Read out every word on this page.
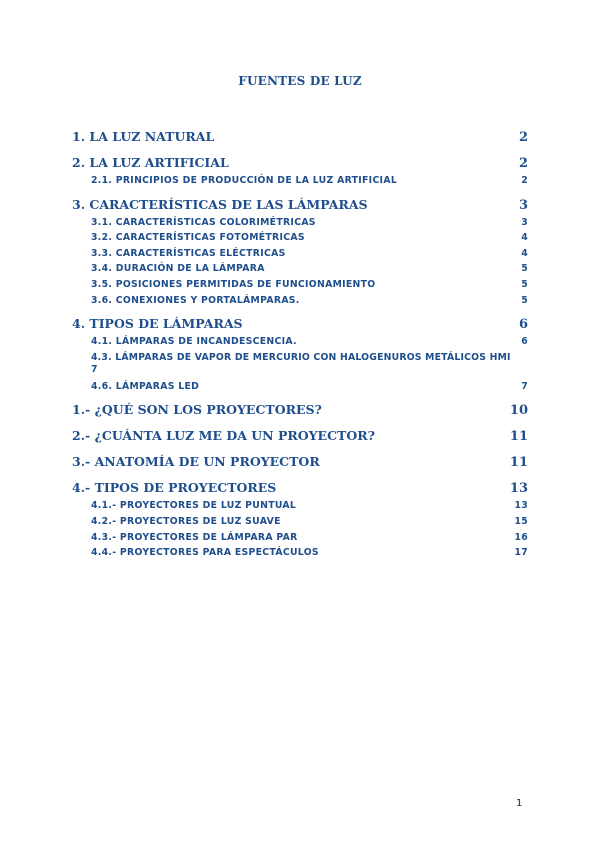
FUENTES DE LUZ
1. LA LUZ NATURAL	2
2. LA LUZ ARTIFICIAL	2
2.1. PRINCIPIOS DE PRODUCCIÓN DE LA LUZ ARTIFICIAL	2
3. CARACTERÍSTICAS DE LAS LÁMPARAS	3
3.1. CARACTERÍSTICAS COLORIMÉTRICAS	3
3.2. CARACTERÍSTICAS FOTOMÉTRICAS	4
3.3. CARACTERÍSTICAS ELÉCTRICAS	4
3.4. DURACIÓN DE LA LÁMPARA	5
3.5. POSICIONES PERMITIDAS DE FUNCIONAMIENTO	5
3.6. CONEXIONES Y PORTALÁMPARAS.	5
4. TIPOS DE LÁMPARAS	6
4.1. LÁMPARAS DE INCANDESCENCIA.	6
4.3. LÁMPARAS DE VAPOR DE MERCURIO CON HALOGENUROS METÁLICOS HMI
7
4.6. LÁMPARAS LED	7
1.- ¿QUÉ SON LOS PROYECTORES?	10
2.- ¿CUÁNTA LUZ ME DA UN PROYECTOR?	11
3.- ANATOMÍA DE UN PROYECTOR	11
4.- TIPOS DE PROYECTORES	13
4.1.- PROYECTORES DE LUZ PUNTUAL	13
4.2.- PROYECTORES DE LUZ SUAVE	15
4.3.- PROYECTORES DE LÁMPARA PAR	16
4.4.- PROYECTORES PARA ESPECTÁCULOS	17
1
